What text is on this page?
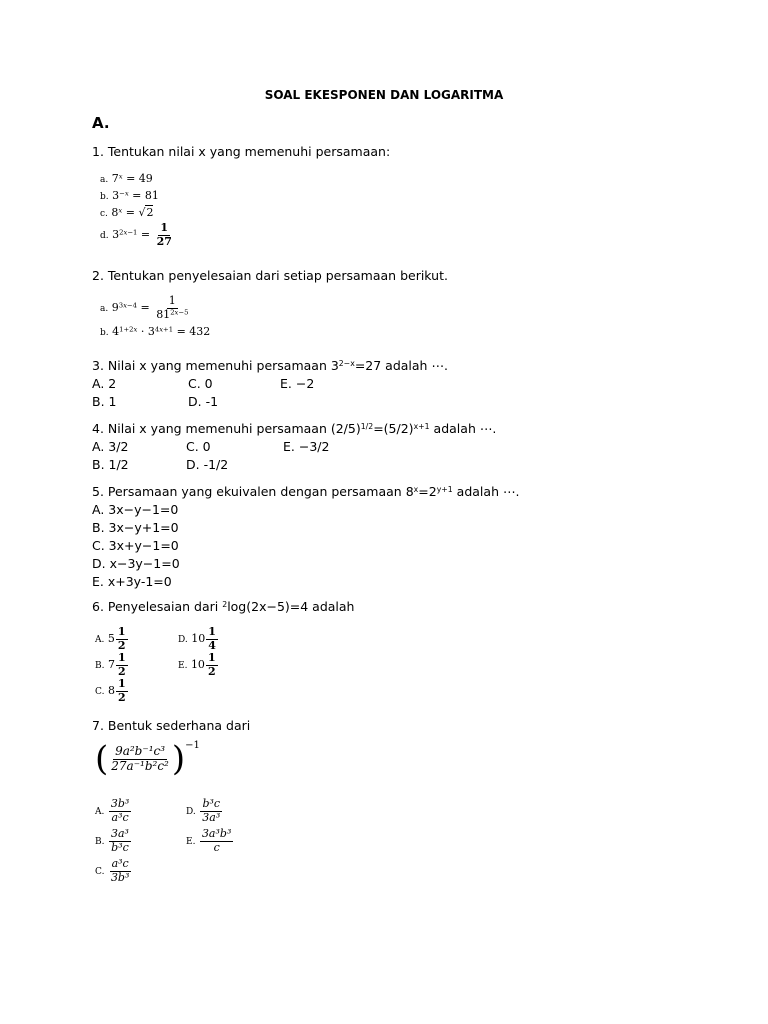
SOAL EKESPONEN DAN LOGARITMA
A.
1. Tentukan nilai x yang memenuhi persamaan:
a. $7^x = 49$
b. $3^{-x} = 81$
c. $8^x = √2$
d. $3^{2x-1} = \frac{1}{27}$
2. Tentukan penyelesaian dari setiap persamaan berikut.
a. $9^{3x-4} = \frac{1}{81^{2x-5}}$
b. $4^{1+2x} \cdot 3^{4x+1} = 432$
3. Nilai x yang memenuhi persamaan $3^{2-x}=27$ adalah ⋯.
A. 2	C. 0	E. −2
B. 1	D. -1
4. Nilai x yang memenuhi persamaan $(2/5)^{1/2}=(5/2)^{x+1}$ adalah ⋯.
A. 3/2	C. 0	E. −3/2
B. 1/2	D. -1/2
5. Persamaan yang ekuivalen dengan persamaan $8^x=2^{y+1}$ adalah ⋯.
A. 3x−y−1=0
B. 3x−y+1=0
C. 3x+y−1=0
D. x−3y−1=0
E. x+3y-1=0
6. Penyelesaian dari $^2$log(2x−5)=4 adalah
A. $5 \frac{1}{2}$
B. $7 \frac{1}{2}$
C. $8 \frac{1}{2}$
D. $10 \frac{1}{4}$
E. $10 \frac{1}{2}$
7. Bentuk sederhana dari
( $\frac{\text{9a²b⁻¹c³}}{\text{27a⁻¹b²c²}}$ ) −1
A. $\frac{\text{3b³}}{\text{a³c}}$
B. $\frac{\text{3a³}}{\text{b³c}}$
C. $\frac{\text{a³c}}{\text{3b³}}$
D. $\frac{\text{b³c}}{\text{3a³}}$
E. $\frac{\text{3a³b³}}{c}$
